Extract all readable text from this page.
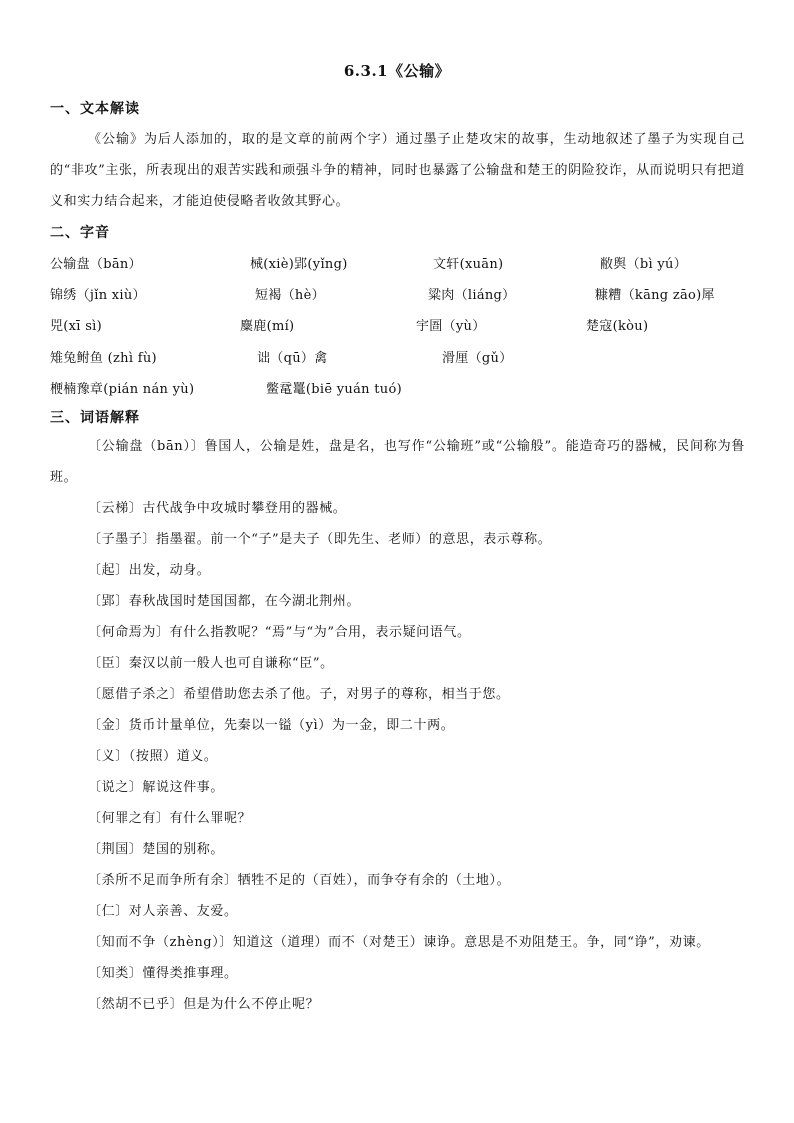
6.3.1《公输》
一、文本解读

《公输》为后人添加的，取的是文章的前两个字）通过墨子止楚攻宋的故事，生动地叙述了墨子为实现自己的“非攻”主张，所表现出的艰苦实践和顽强斗争的精神，同时也暴露了公输盘和楚王的阴险狡诈，从而说明只有把道义和实力结合起来，才能迫使侵略者收敛其野心。

二、字音
公输盘（bān）	械(xiè)郢(yǐng)	文轩(xuān)	敝舆（bì yú）
锦绣（jǐn xiù）	短褐（hè）	粱肉（liáng）	糠糟（kāng zāo)犀
兕(xī sì)	麋鹿(mí)	宇圄（yù）	楚寇(kòu)
雉兔鲋鱼 (zhì fù)	诎（qū）禽	滑厘（gǔ）
楩楠豫章(pián nán yù)	鳖鼋鼍(biē yuán tuó)
三、词语解释

〔公输盘（bān）〕鲁国人，公输是姓，盘是名，也写作“公输班”或“公输般”。能造奇巧的器械，民间称为鲁班。

〔云梯〕古代战争中攻城时攀登用的器械。

〔子墨子〕指墨翟。前一个“子”是夫子（即先生、老师）的意思，表示尊称。

〔起〕出发，动身。

〔郢〕春秋战国时楚国国都，在今湖北荆州。

〔何命焉为〕有什么指教呢？“焉”与“为”合用，表示疑问语气。

〔臣〕秦汉以前一般人也可自谦称“臣”。

〔愿借子杀之〕希望借助您去杀了他。子，对男子的尊称，相当于您。

〔金〕货币计量单位，先秦以一镒（yì）为一金，即二十两。

〔义〕（按照）道义。

〔说之〕解说这件事。

〔何罪之有〕有什么罪呢？

〔荆国〕楚国的别称。

〔杀所不足而争所有余〕牺牲不足的（百姓），而争夺有余的（土地）。

〔仁〕对人亲善、友爱。

〔知而不争（zhèng）〕知道这（道理）而不（对楚王）谏诤。意思是不劝阻楚王。争，同“诤”，劝谏。

〔知类〕懂得类推事理。

〔然胡不已乎〕但是为什么不停止呢？
